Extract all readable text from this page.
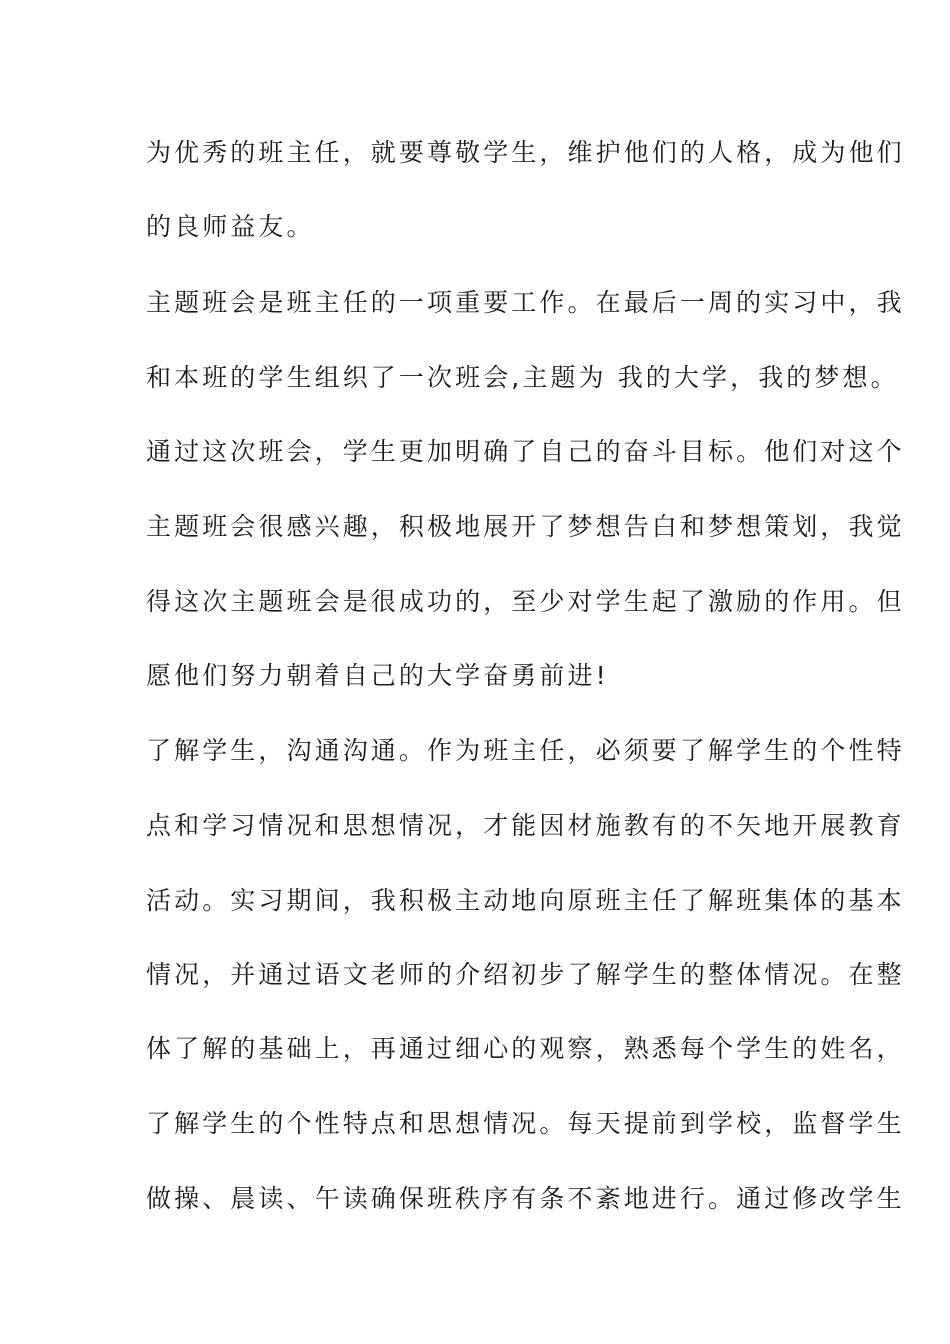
为优秀的班主任，就要尊敬学生，维护他们的人格，成为他们
的良师益友。
主题班会是班主任的一项重要工作。在最后一周的实习中，我
和本班的学生组织了一次班会,主题为 我的大学，我的梦想。
通过这次班会，学生更加明确了自己的奋斗目标。他们对这个
主题班会很感兴趣，积极地展开了梦想告白和梦想策划，我觉
得这次主题班会是很成功的，至少对学生起了激励的作用。但
愿他们努力朝着自己的大学奋勇前进!
了解学生，沟通沟通。作为班主任，必须要了解学生的个性特
点和学习情况和思想情况，才能因材施教有的不矢地开展教育
活动。实习期间，我积极主动地向原班主任了解班集体的基本
情况，并通过语文老师的介绍初步了解学生的整体情况。在整
体了解的基础上，再通过细心的观察，熟悉每个学生的姓名，
了解学生的个性特点和思想情况。每天提前到学校，监督学生
做操、晨读、午读确保班秩序有条不紊地进行。通过修改学生
